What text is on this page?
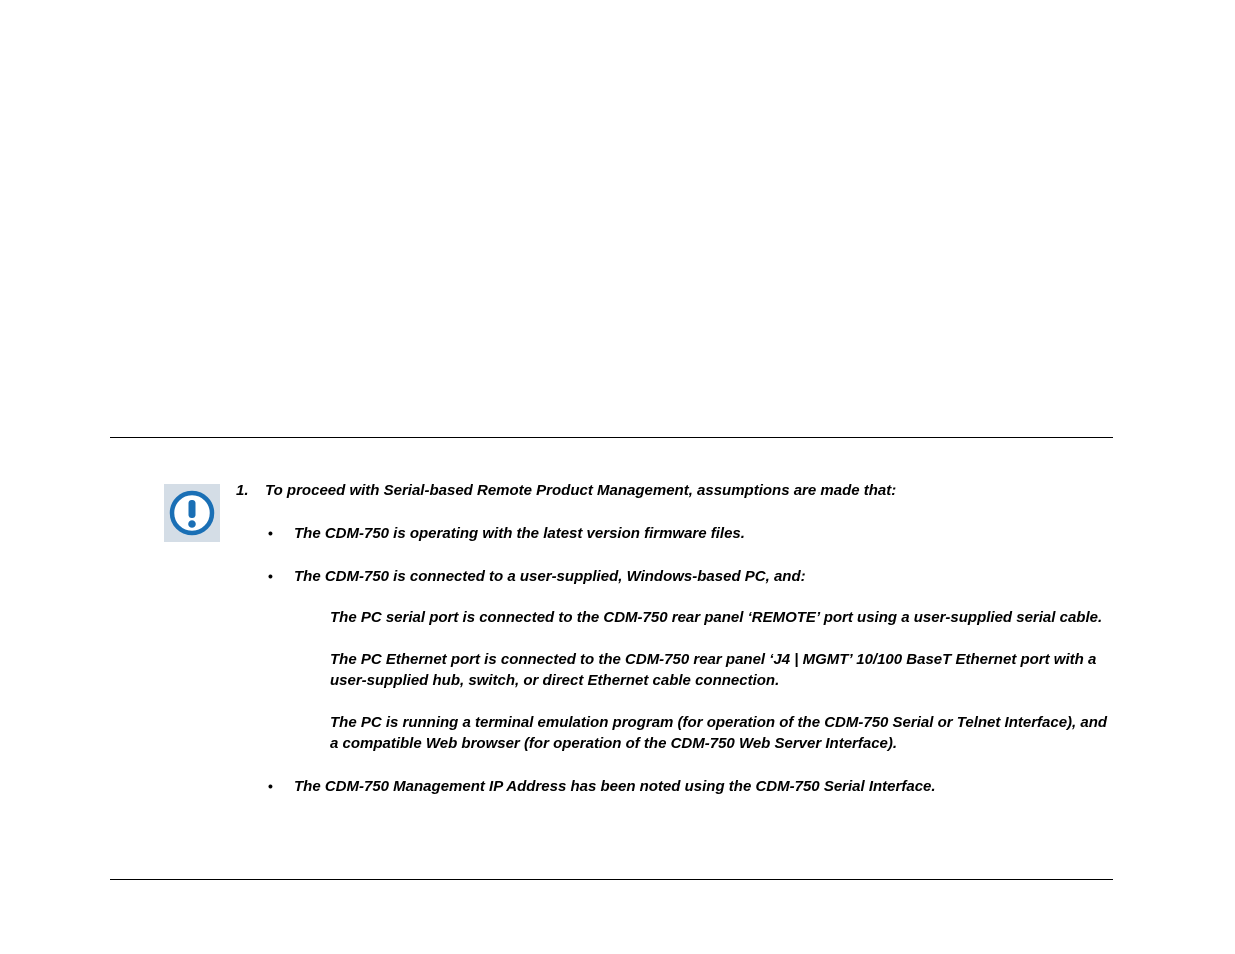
1. To proceed with Serial-based Remote Product Management, assumptions are made that:
• The CDM-750 is operating with the latest version firmware files.
• The CDM-750 is connected to a user-supplied, Windows-based PC, and:
The PC serial port is connected to the CDM-750 rear panel ‘REMOTE’ port using a user-supplied serial cable.
The PC Ethernet port is connected to the CDM-750 rear panel ‘J4 | MGMT’ 10/100 BaseT Ethernet port with a
user-supplied hub, switch, or direct Ethernet cable connection.
The PC is running a terminal emulation program (for operation of the CDM-750 Serial or Telnet Interface), and
a compatible Web browser (for operation of the CDM-750 Web Server Interface).
• The CDM-750 Management IP Address has been noted using the CDM-750 Serial Interface.
